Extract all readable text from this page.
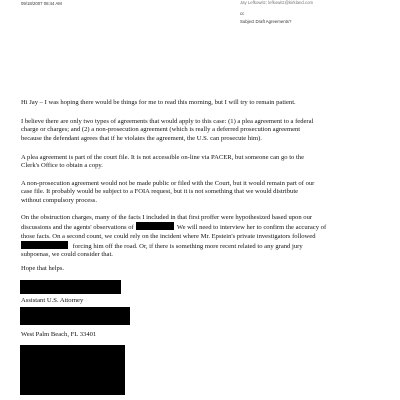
09/18/2007 08:44 AM	Jay Lefkowitz; lefkowitz@kirkland.com
cc
Subject Draft Agreements?
Hi Jay – I was hoping there would be things for me to read this morning, but I will try to remain patient.
I believe there are only two types of agreements that would apply to this case: (1) a plea agreement to a federal
charge or charges; and (2) a non-prosecution agreement (which is really a deferred prosecution agreement
because the defendant agrees that if he violates the agreement, the U.S. can prosecute him).
A plea agreement is part of the court file. It is not accessible on-line via PACER, but someone can go to the
Clerk's Office to obtain a copy.
A non-prosecution agreement would not be made public or filed with the Court, but it would remain part of our
case file. It probably would be subject to a FOIA request, but it is not something that we would distribute
without compulsory process.
On the obstruction charges, many of the facts I included in that first proffer were hypothesized based upon our
discussions and the agents' observations of	We will need to interview her to confirm the accuracy of
those facts. On a second count, we could rely on the incident where Mr. Epstein's private investigators followed
forcing him off the road. Or, if there is something more recent related to any grand jury
subpoenas, we could consider that.
Hope that helps.
Assistant U.S. Attorney
West Palm Beach, FL 33401
